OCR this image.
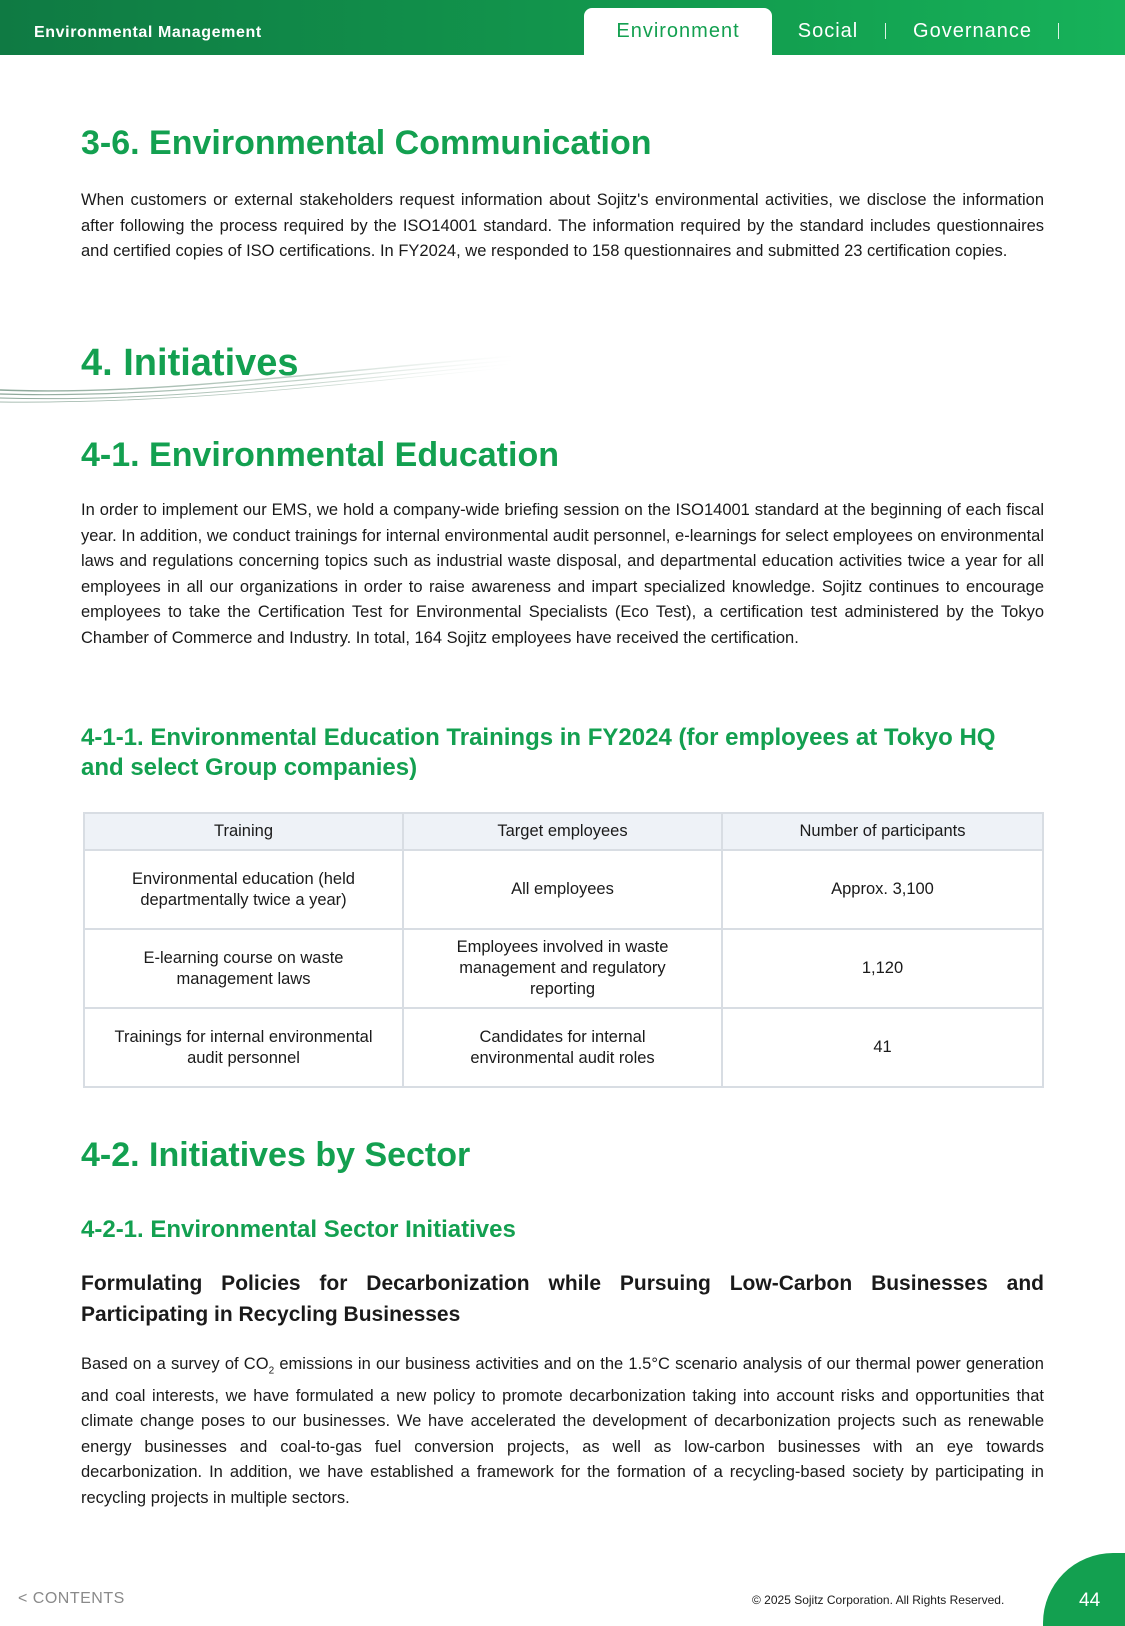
Environmental Management	Environment	Social	Governance
3-6. Environmental Communication
When customers or external stakeholders request information about Sojitz's environmental activities, we disclose the information after following the process required by the ISO14001 standard. The information required by the standard includes questionnaires and certified copies of ISO certifications. In FY2024, we responded to 158 questionnaires and submitted 23 certification copies.
4. Initiatives
4-1. Environmental Education
In order to implement our EMS, we hold a company-wide briefing session on the ISO14001 standard at the beginning of each fiscal year. In addition, we conduct trainings for internal environmental audit personnel, e-learnings for select employees on environmental laws and regulations concerning topics such as industrial waste disposal, and departmental education activities twice a year for all employees in all our organizations in order to raise awareness and impart specialized knowledge. Sojitz continues to encourage employees to take the Certification Test for Environmental Specialists (Eco Test), a certification test administered by the Tokyo Chamber of Commerce and Industry. In total, 164 Sojitz employees have received the certification.
4-1-1. Environmental Education Trainings in FY2024 (for employees at Tokyo HQ and select Group companies)
Training	Target employees	Number of participants
Environmental education (held departmentally twice a year)	All employees	Approx. 3,100
E-learning course on waste management laws	Employees involved in waste management and regulatory reporting	1,120
Trainings for internal environmental audit personnel	Candidates for internal environmental audit roles	41
4-2. Initiatives by Sector
4-2-1. Environmental Sector Initiatives
Formulating Policies for Decarbonization while Pursuing Low-Carbon Businesses and Participating in Recycling Businesses
Based on a survey of $CO_2$ emissions in our business activities and on the 1.5°C scenario analysis of our thermal power generation and coal interests, we have formulated a new policy to promote decarbonization taking into account risks and opportunities that climate change poses to our businesses. We have accelerated the development of decarbonization projects such as renewable energy businesses and coal-to-gas fuel conversion projects, as well as low-carbon businesses with an eye towards decarbonization. In addition, we have established a framework for the formation of a recycling-based society by participating in recycling projects in multiple sectors.
< CONTENTS	© 2025 Sojitz Corporation. All Rights Reserved.	44
